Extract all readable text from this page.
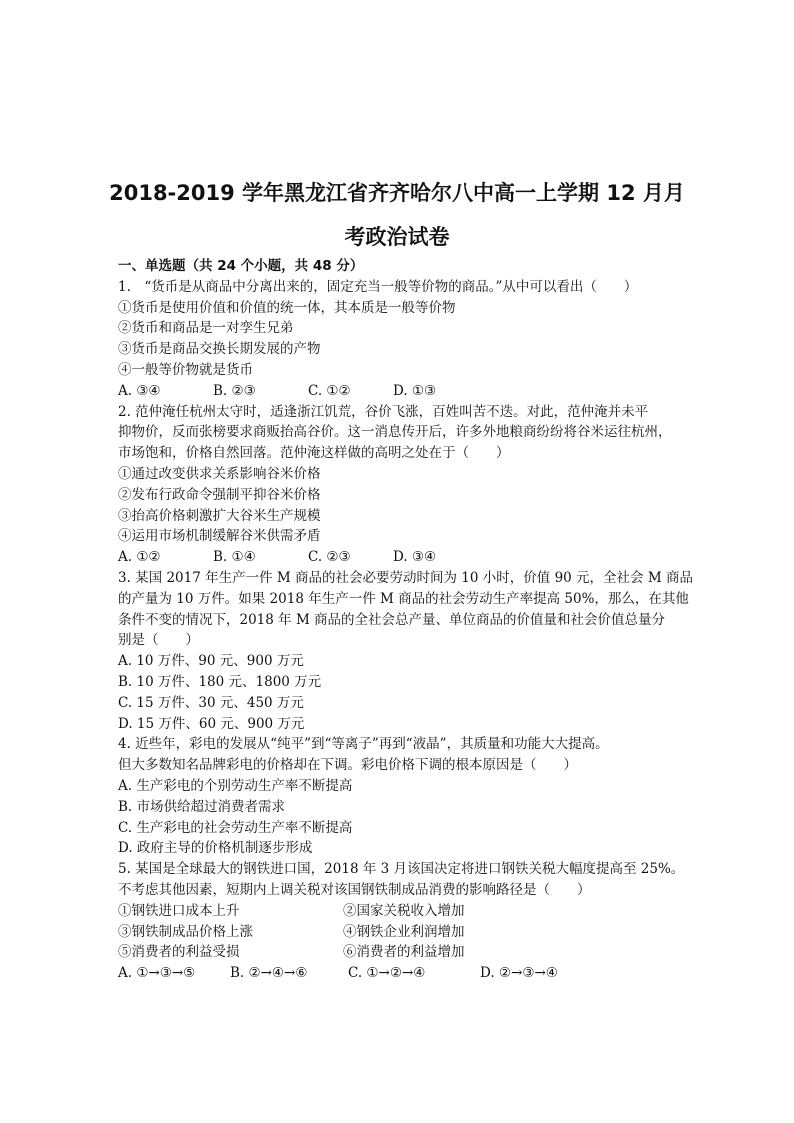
2018-2019 学年黑龙江省齐齐哈尔八中高一上学期 12 月月
考政治试卷
一、单选题（共 24 个小题，共 48 分）
1.　“货币是从商品中分离出来的，固定充当一般等价物的商品。”从中可以看出（　　）
①货币是使用价值和价值的统一体，其本质是一般等价物
②货币和商品是一对孪生兄弟
③货币是商品交换长期发展的产物
④一般等价物就是货币
A. ③④	B. ②③	C. ①②	D. ①③
2. 范仲淹任杭州太守时，适逢浙江饥荒，谷价飞涨，百姓叫苦不迭。对此，范仲淹并未平
抑物价，反而张榜要求商贩抬高谷价。这一消息传开后，许多外地粮商纷纷将谷米运往杭州，
市场饱和，价格自然回落。范仲淹这样做的高明之处在于（　　）
①通过改变供求关系影响谷米价格
②发布行政命令强制平抑谷米价格
③抬高价格刺激扩大谷米生产规模
④运用市场机制缓解谷米供需矛盾
A. ①②	B. ①④	C. ②③	D. ③④
3. 某国 2017 年生产一件 M 商品的社会必要劳动时间为 10 小时，价值 90 元，全社会 M 商品
的产量为 10 万件。如果 2018 年生产一件 M 商品的社会劳动生产率提高 50%，那么，在其他
条件不变的情况下，2018 年 M 商品的全社会总产量、单位商品的价值量和社会价值总量分
别是（　　）
A. 10 万件、90 元、900 万元
B. 10 万件、180 元、1800 万元
C. 15 万件、30 元、450 万元
D. 15 万件、60 元、900 万元
4. 近些年，彩电的发展从“纯平”到“等离子”再到“液晶”，其质量和功能大大提高。
但大多数知名品牌彩电的价格却在下调。彩电价格下调的根本原因是（　　）
A. 生产彩电的个别劳动生产率不断提高
B. 市场供给超过消费者需求
C. 生产彩电的社会劳动生产率不断提高
D. 政府主导的价格机制逐步形成
5. 某国是全球最大的钢铁进口国，2018 年 3 月该国决定将进口钢铁关税大幅度提高至 25%。
不考虑其他因素，短期内上调关税对该国钢铁制成品消费的影响路径是（　　）
①钢铁进口成本上升	②国家关税收入增加
③钢铁制成品价格上涨	④钢铁企业利润增加
⑤消费者的利益受损	⑥消费者的利益增加
A. ①→③→⑤	B. ②→④→⑥	C. ①→②→④	D. ②→③→④
